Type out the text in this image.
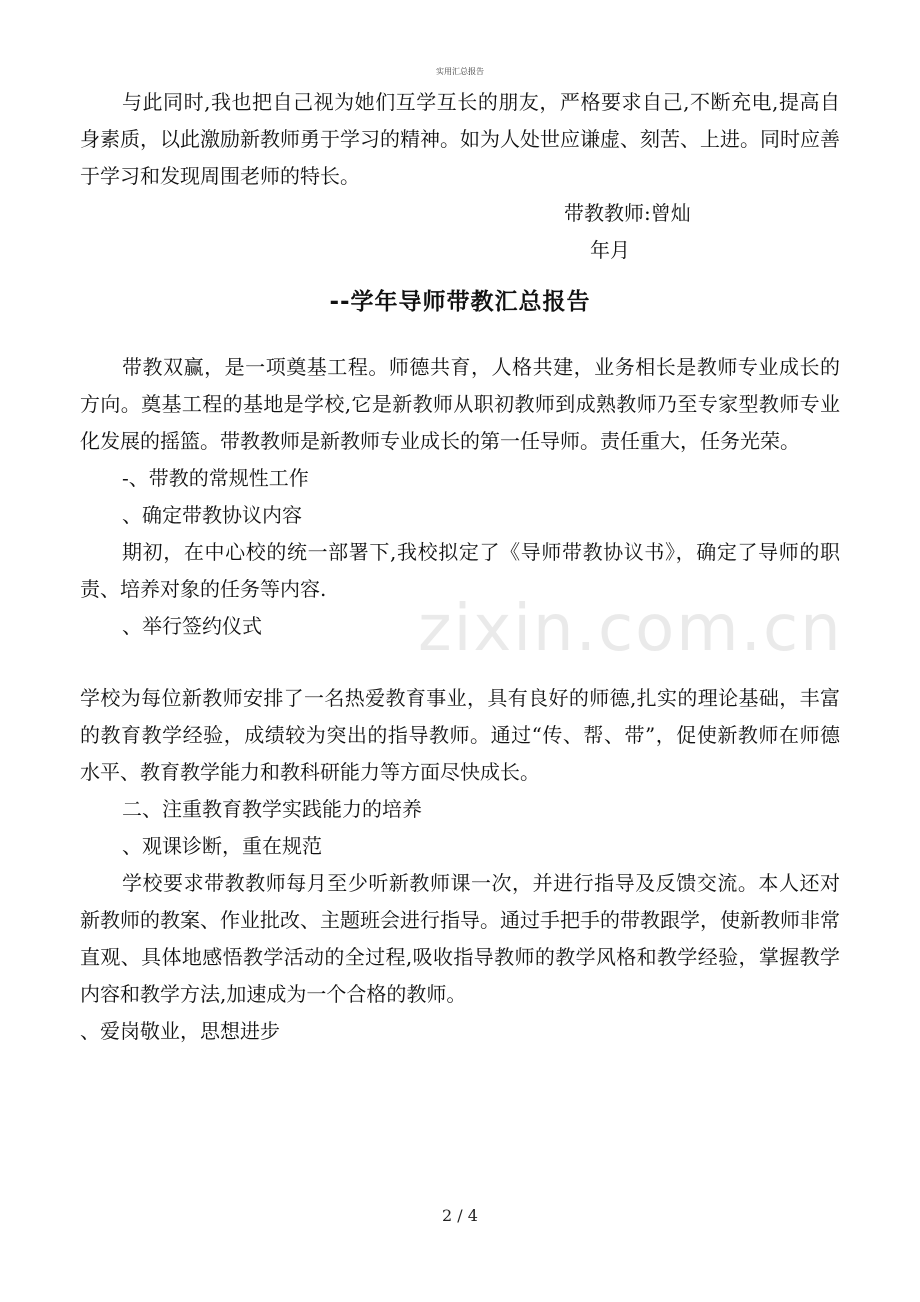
实用汇总报告
zixin.com.cn

与此同时,我也把自己视为她们互学互长的朋友，严格要求自己,不断充电,提高自身素质，以此激励新教师勇于学习的精神。如为人处世应谦虚、刻苦、上进。同时应善于学习和发现周围老师的特长。

带教教师:曾灿

年月

--学年导师带教汇总报告

带教双赢，是一项奠基工程。师德共育，人格共建，业务相长是教师专业成长的方向。奠基工程的基地是学校,它是新教师从职初教师到成熟教师乃至专家型教师专业化发展的摇篮。带教教师是新教师专业成长的第一任导师。责任重大，任务光荣。

-、带教的常规性工作

、确定带教协议内容

期初，在中心校的统一部署下,我校拟定了《导师带教协议书》，确定了导师的职责、培养对象的任务等内容.

、举行签约仪式

学校为每位新教师安排了一名热爱教育事业，具有良好的师德,扎实的理论基础，丰富的教育教学经验，成绩较为突出的指导教师。通过“传、帮、带”，促使新教师在师德水平、教育教学能力和教科研能力等方面尽快成长。

二、注重教育教学实践能力的培养

、观课诊断，重在规范

学校要求带教教师每月至少听新教师课一次，并进行指导及反馈交流。本人还对新教师的教案、作业批改、主题班会进行指导。通过手把手的带教跟学，使新教师非常直观、具体地感悟教学活动的全过程,吸收指导教师的教学风格和教学经验，掌握教学内容和教学方法,加速成为一个合格的教师。

、爱岗敬业，思想进步

2 / 4
